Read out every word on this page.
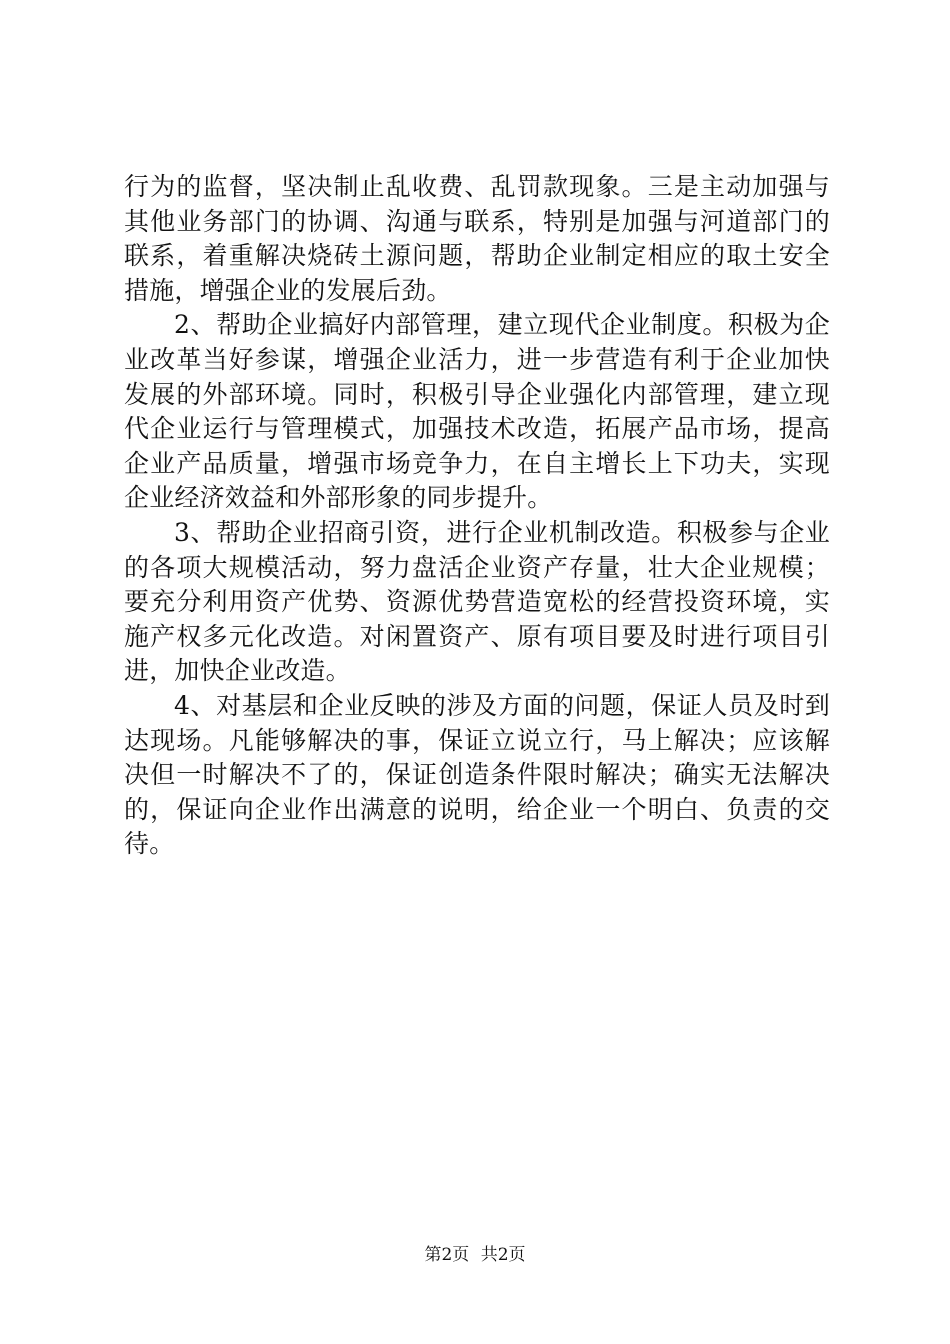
行为的监督，坚决制止乱收费、乱罚款现象。三是主动加强与
其他业务部门的协调、沟通与联系，特别是加强与河道部门的
联系，着重解决烧砖土源问题，帮助企业制定相应的取土安全
措施，增强企业的发展后劲。
2、帮助企业搞好内部管理，建立现代企业制度。积极为企
业改革当好参谋，增强企业活力，进一步营造有利于企业加快
发展的外部环境。同时，积极引导企业强化内部管理，建立现
代企业运行与管理模式，加强技术改造，拓展产品市场，提高
企业产品质量，增强市场竞争力，在自主增长上下功夫，实现
企业经济效益和外部形象的同步提升。
3、帮助企业招商引资，进行企业机制改造。积极参与企业
的各项大规模活动，努力盘活企业资产存量，壮大企业规模；
要充分利用资产优势、资源优势营造宽松的经营投资环境，实
施产权多元化改造。对闲置资产、原有项目要及时进行项目引
进，加快企业改造。
4、对基层和企业反映的涉及方面的问题，保证人员及时到
达现场。凡能够解决的事，保证立说立行，马上解决；应该解
决但一时解决不了的，保证创造条件限时解决；确实无法解决
的，保证向企业作出满意的说明，给企业一个明白、负责的交
待。
第2页 共2页
